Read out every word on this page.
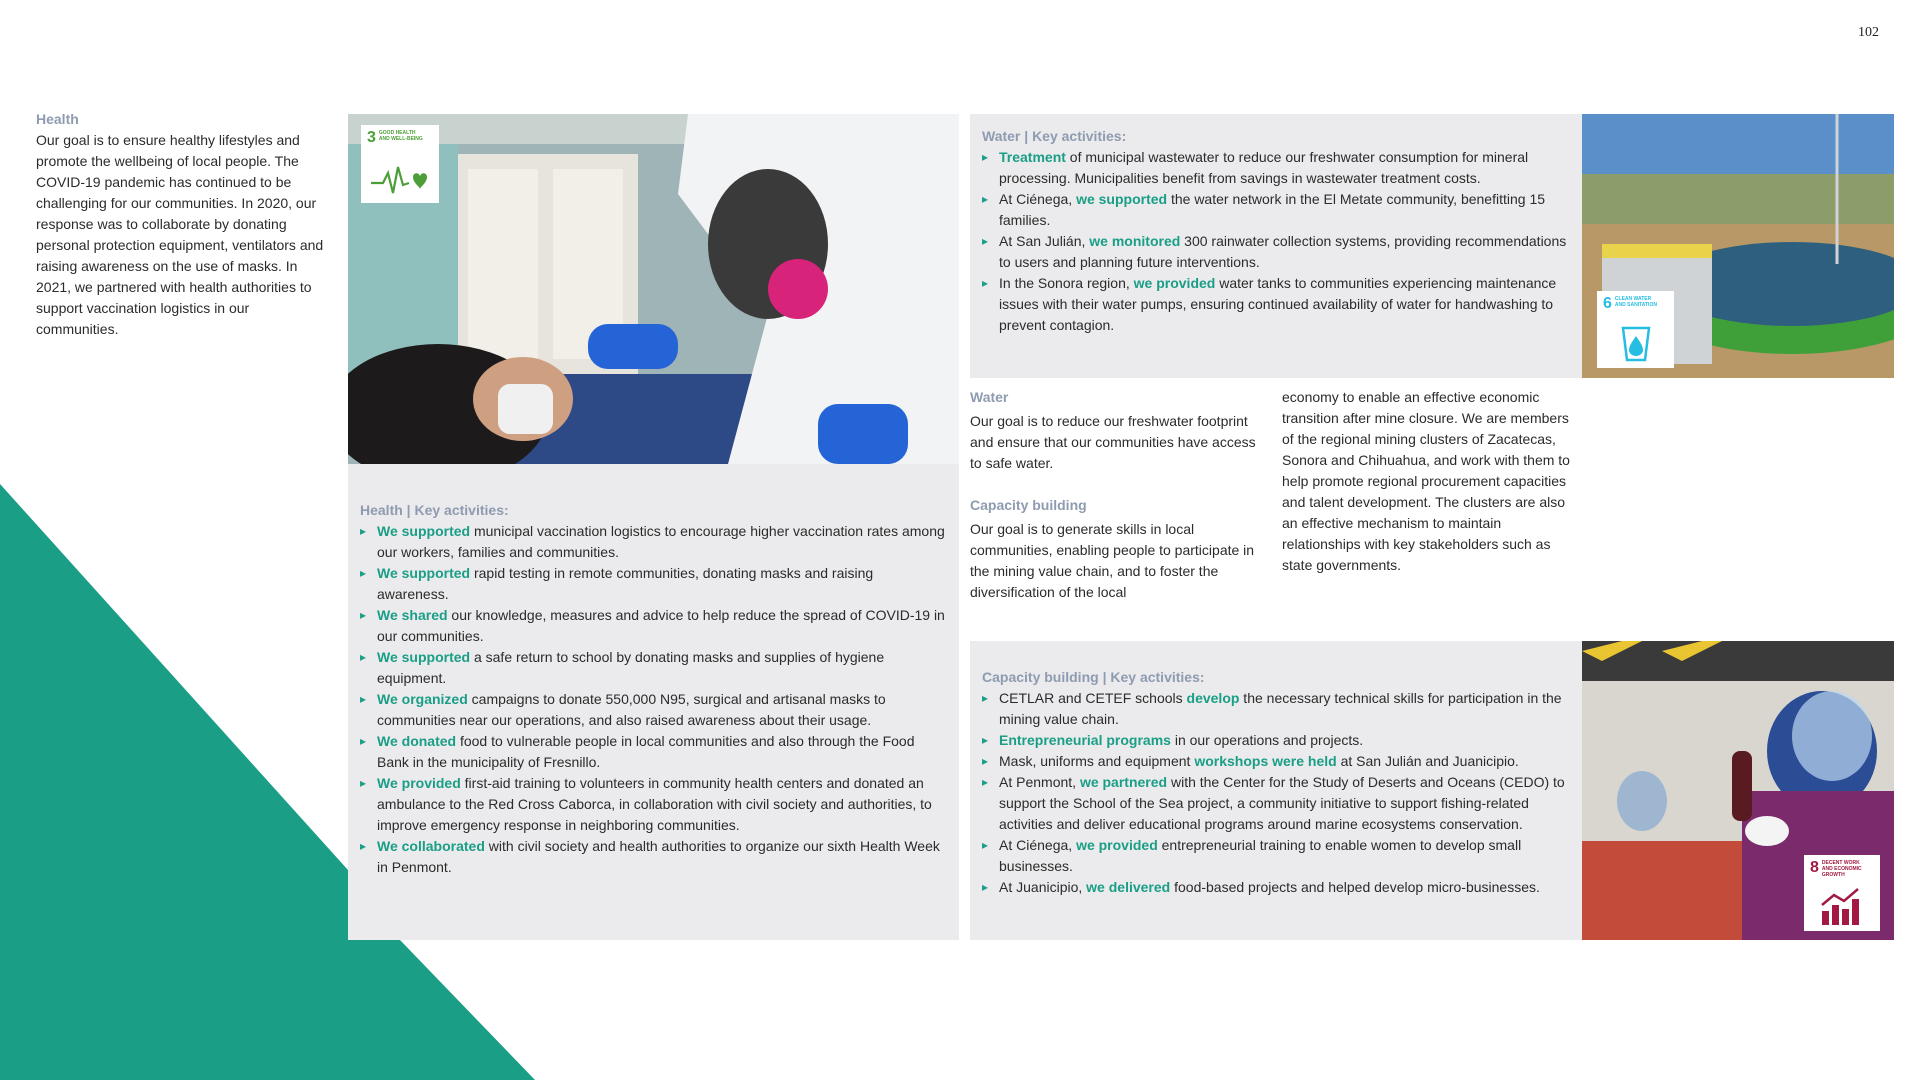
102
Health
Our goal is to ensure healthy lifestyles and promote the wellbeing of local people. The COVID-19 pandemic has continued to be challenging for our communities. In 2020, our response was to collaborate by donating personal protection equipment, ventilators and raising awareness on the use of masks. In 2021, we partnered with health authorities to support vaccination logistics in our communities.
3 GOOD HEALTH AND WELL-BEING
Health | Key activities:
▸ We supported municipal vaccination logistics to encourage higher vaccination rates among our workers, families and communities.
▸ We supported rapid testing in remote communities, donating masks and raising awareness.
▸ We shared our knowledge, measures and advice to help reduce the spread of COVID-19 in our communities.
▸ We supported a safe return to school by donating masks and supplies of hygiene equipment.
▸ We organized campaigns to donate 550,000 N95, surgical and artisanal masks to communities near our operations, and also raised awareness about their usage.
▸ We donated food to vulnerable people in local communities and also through the Food Bank in the municipality of Fresnillo.
▸ We provided first-aid training to volunteers in community health centers and donated an ambulance to the Red Cross Caborca, in collaboration with civil society and authorities, to improve emergency response in neighboring communities.
▸ We collaborated with civil society and health authorities to organize our sixth Health Week in Penmont.
Water | Key activities:
▸ Treatment of municipal wastewater to reduce our freshwater consumption for mineral processing. Municipalities benefit from savings in wastewater treatment costs.
▸ At Ciénega, we supported the water network in the El Metate community, benefitting 15 families.
▸ At San Julián, we monitored 300 rainwater collection systems, providing recommendations to users and planning future interventions.
▸ In the Sonora region, we provided water tanks to communities experiencing maintenance issues with their water pumps, ensuring continued availability of water for handwashing to prevent contagion.
6 CLEAN WATER AND SANITATION
Water
Our goal is to reduce our freshwater footprint and ensure that our communities have access to safe water.
Capacity building
Our goal is to generate skills in local communities, enabling people to participate in the mining value chain, and to foster the diversification of the local
economy to enable an effective economic transition after mine closure. We are members of the regional mining clusters of Zacatecas, Sonora and Chihuahua, and work with them to help promote regional procurement capacities and talent development. The clusters are also an effective mechanism to maintain relationships with key stakeholders such as state governments.
Capacity building | Key activities:
▸ CETLAR and CETEF schools develop the necessary technical skills for participation in the mining value chain.
▸ Entrepreneurial programs in our operations and projects.
▸ Mask, uniforms and equipment workshops were held at San Julián and Juanicipio.
▸ At Penmont, we partnered with the Center for the Study of Deserts and Oceans (CEDO) to support the School of the Sea project, a community initiative to support fishing-related activities and deliver educational programs around marine ecosystems conservation.
▸ At Ciénega, we provided entrepreneurial training to enable women to develop small businesses.
▸ At Juanicipio, we delivered food-based projects and helped develop micro-businesses.
8 DECENT WORK AND ECONOMIC GROWTH
